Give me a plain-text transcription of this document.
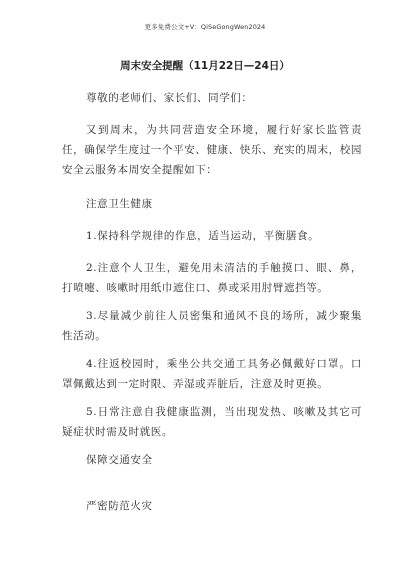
更多免费公文+V：QiSeGongWen2024
周末安全提醒（11月22日—24日）

尊敬的老师们、家长们、同学们：

又到周末，为共同营造安全环境，履行好家长监管责任，确保学生度过一个平安、健康、快乐、充实的周末，校园安全云服务本周安全提醒如下：

注意卫生健康

1.保持科学规律的作息，适当运动，平衡膳食。

2.注意个人卫生，避免用未清洁的手触摸口、眼、鼻，打喷嚏、咳嗽时用纸巾遮住口、鼻或采用肘臂遮挡等。

3.尽量减少前往人员密集和通风不良的场所，减少聚集性活动。

4.往返校园时，乘坐公共交通工具务必佩戴好口罩。口罩佩戴达到一定时限、弄湿或弄脏后，注意及时更换。

5.日常注意自我健康监测，当出现发热、咳嗽及其它可疑症状时需及时就医。

保障交通安全
严密防范火灾
